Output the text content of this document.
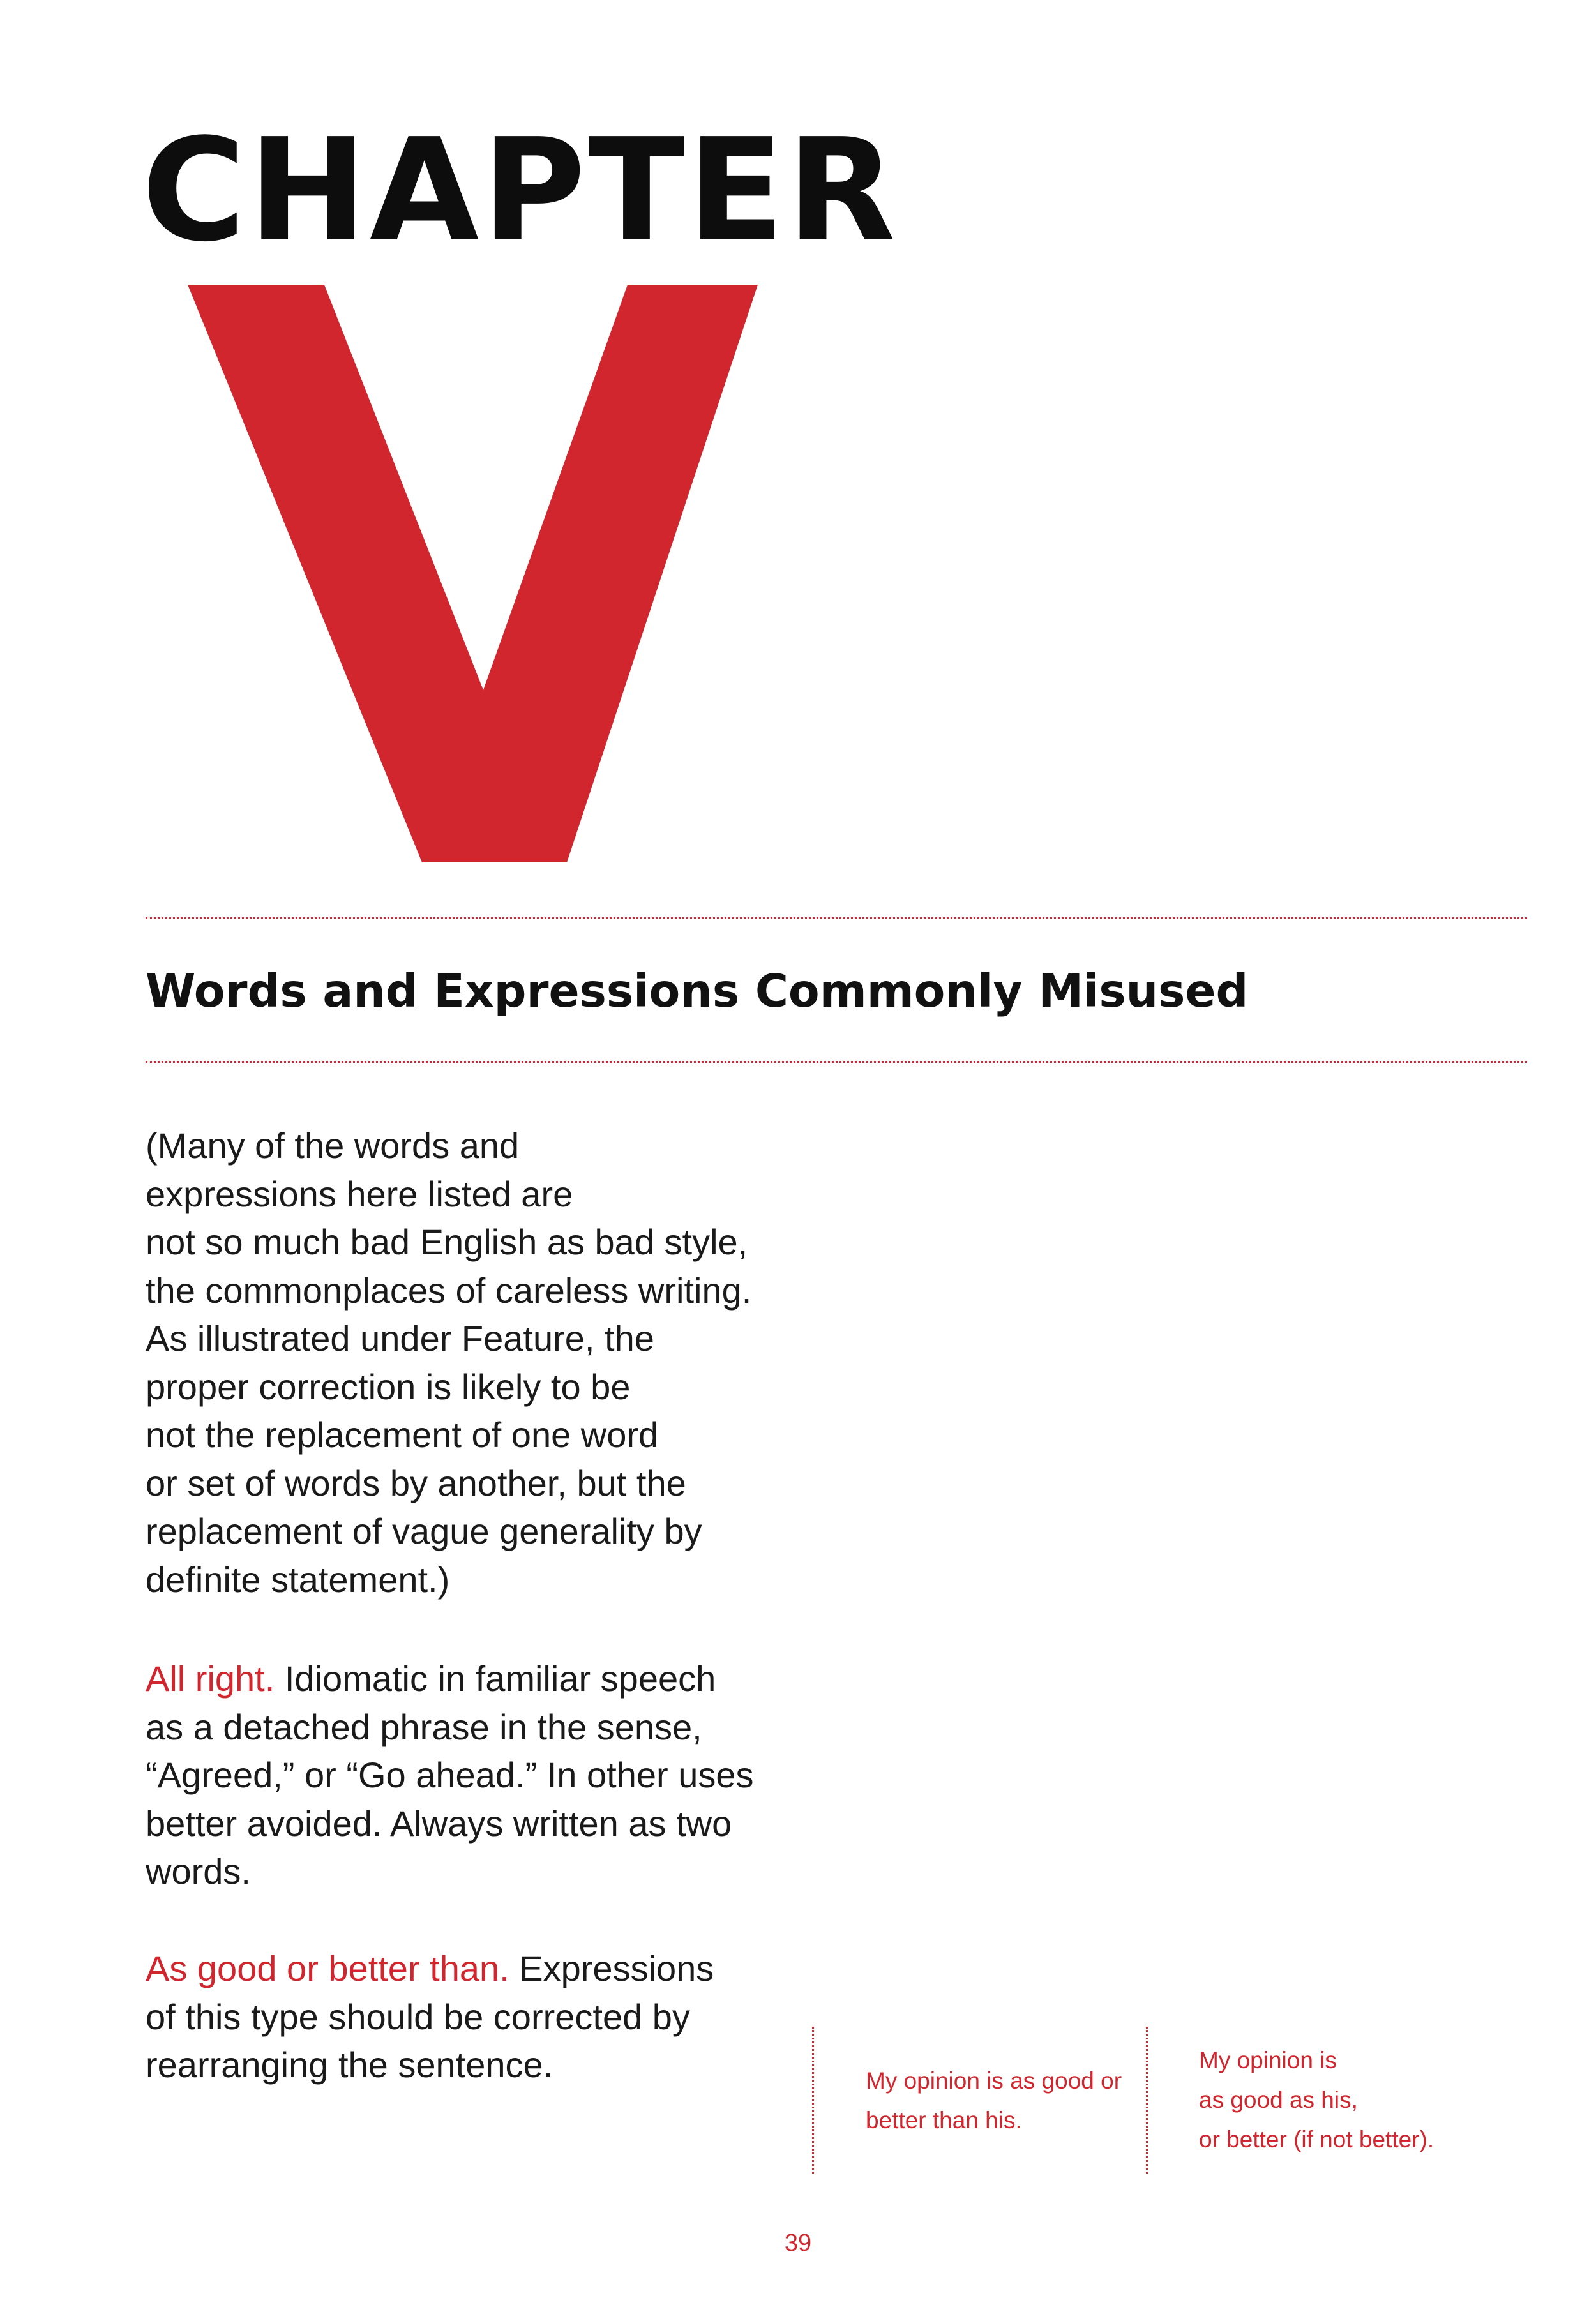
CHAPTER
Words and Expressions Commonly Misused

(Many of the words and
expressions here listed are
not so much bad English as bad style,
the commonplaces of careless writing.
As illustrated under Feature, the
proper correction is likely to be
not the replacement of one word
or set of words by another, but the
replacement of vague generality by
definite statement.)

All right. Idiomatic in familiar speech
as a detached phrase in the sense,
“Agreed,” or “Go ahead.” In other uses
better avoided. Always written as two
words.

As good or better than. Expressions
of this type should be corrected by
rearranging the sentence.	My opinion is as good or
better than his.

My opinion is
as good as his,
or better (if not better).

39
